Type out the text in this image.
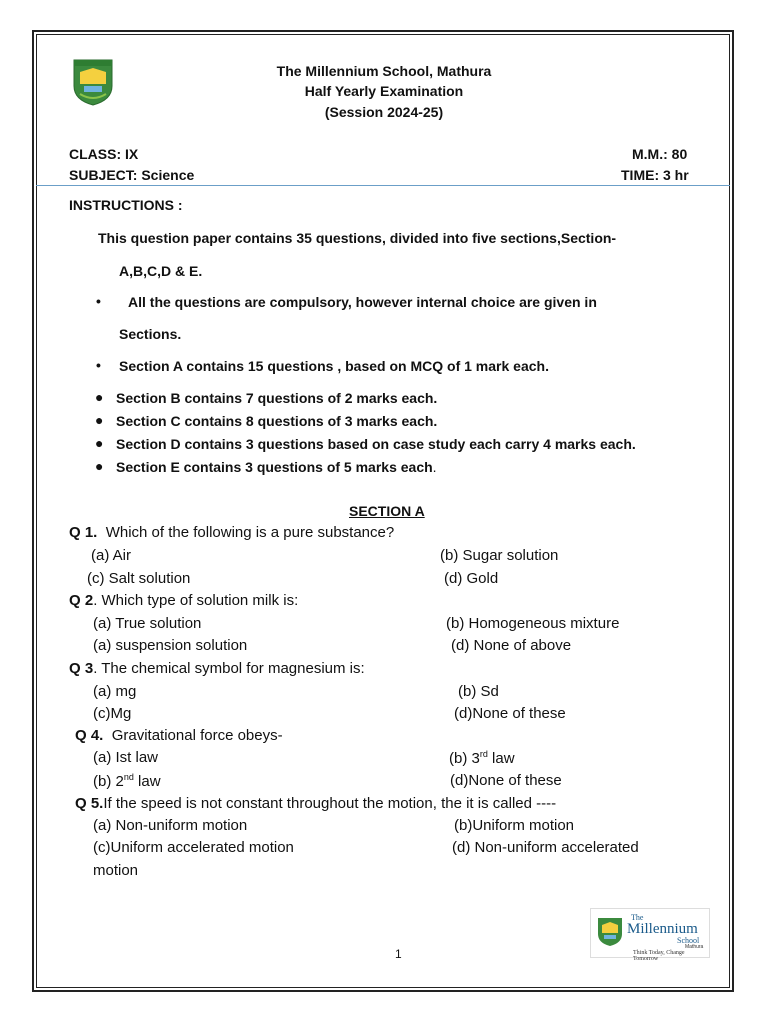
The Millennium School, Mathura
Half Yearly Examination
(Session 2024-25)
CLASS: IX	M.M.: 80
SUBJECT: Science	TIME: 3 hr
INSTRUCTIONS :
This question paper contains 35 questions, divided into five sections,Section-
A,B,C,D & E.
• All the questions are compulsory, however internal choice are given in
Sections.
• Section A contains 15 questions , based on MCQ of 1 mark each.
● Section B contains 7 questions of 2 marks each.
● Section C contains 8 questions of 3 marks each.
● Section D contains 3 questions based on case study each carry 4 marks each.
● Section E contains 3 questions of 5 marks each.
SECTION A
Q 1. Which of the following is a pure substance?
(a) Air	(b) Sugar solution
(c) Salt solution	(d) Gold
Q 2. Which type of solution milk is:
(a) True solution	(b) Homogeneous mixture
(a) suspension solution	(d) None of above
Q 3. The chemical symbol for magnesium is:
(a) mg	(b) Sd
(c)Mg	(d)None of these
Q 4. Gravitational force obeys-
(a) Ist law	(b) 3rd law
(b) 2nd law	(d)None of these
Q 5.If the speed is not constant throughout the motion, the it is called ----
(a) Non-uniform motion	(b)Uniform motion
(c)Uniform accelerated motion	(d) Non-uniform accelerated
motion
The
Millennium
School
Mathura
Think Today, Change Tomorrow
1
